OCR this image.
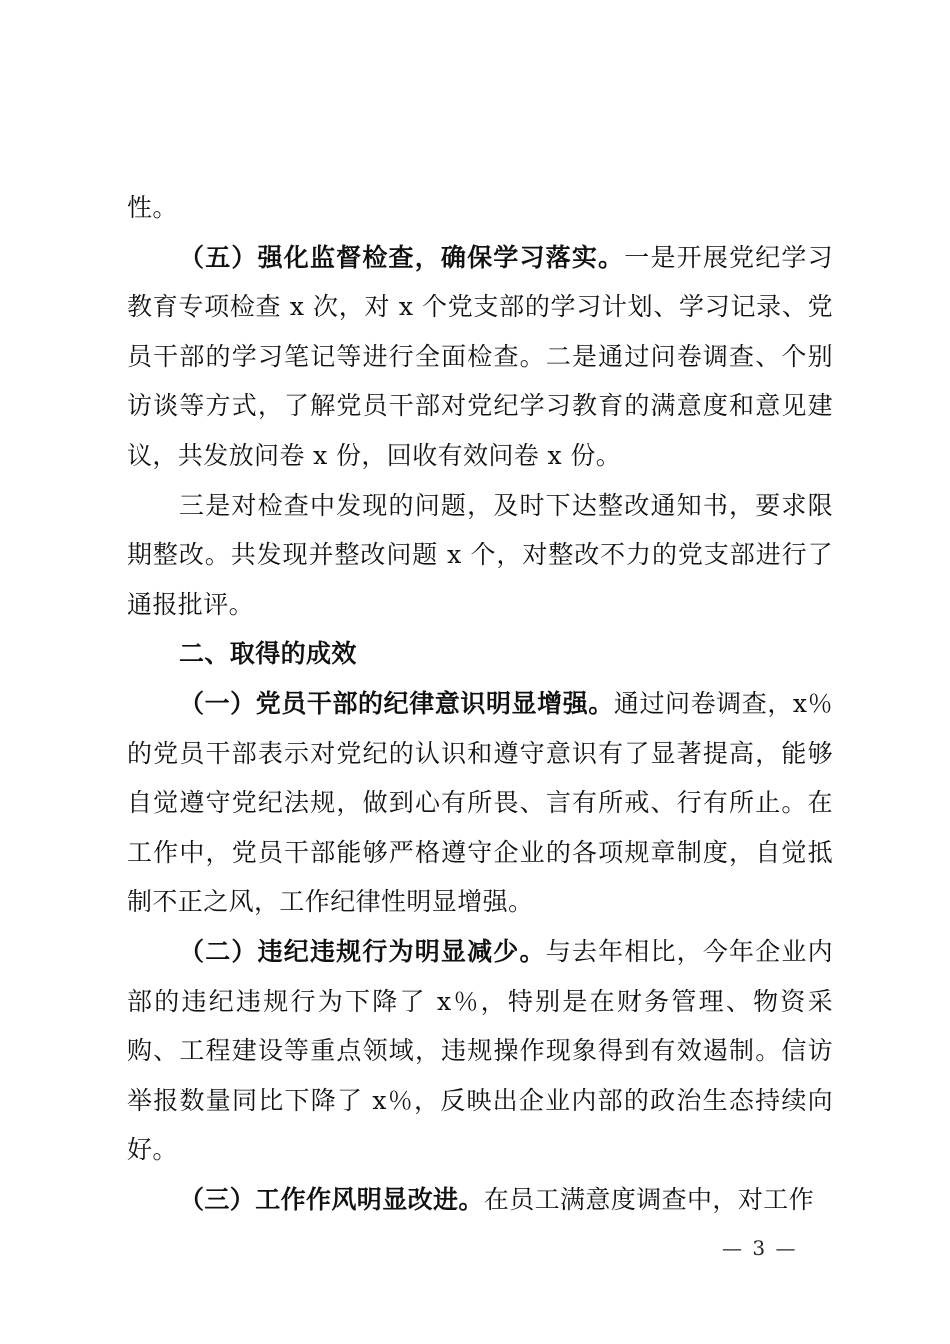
性。

（五）强化监督检查，确保学习落实。一是开展党纪学习教育专项检查 x 次，对 x 个党支部的学习计划、学习记录、党员干部的学习笔记等进行全面检查。二是通过问卷调查、个别访谈等方式，了解党员干部对党纪学习教育的满意度和意见建议，共发放问卷 x 份，回收有效问卷 x 份。

三是对检查中发现的问题，及时下达整改通知书，要求限期整改。共发现并整改问题 x 个，对整改不力的党支部进行了通报批评。

二、取得的成效

（一）党员干部的纪律意识明显增强。通过问卷调查，x％的党员干部表示对党纪的认识和遵守意识有了显著提高，能够自觉遵守党纪法规，做到心有所畏、言有所戒、行有所止。在工作中，党员干部能够严格遵守企业的各项规章制度，自觉抵制不正之风，工作纪律性明显增强。

（二）违纪违规行为明显减少。与去年相比，今年企业内部的违纪违规行为下降了 x％，特别是在财务管理、物资采购、工程建设等重点领域，违规操作现象得到有效遏制。信访举报数量同比下降了 x％，反映出企业内部的政治生态持续向好。

（三）工作作风明显改进。在员工满意度调查中，对工作

— 3 —
